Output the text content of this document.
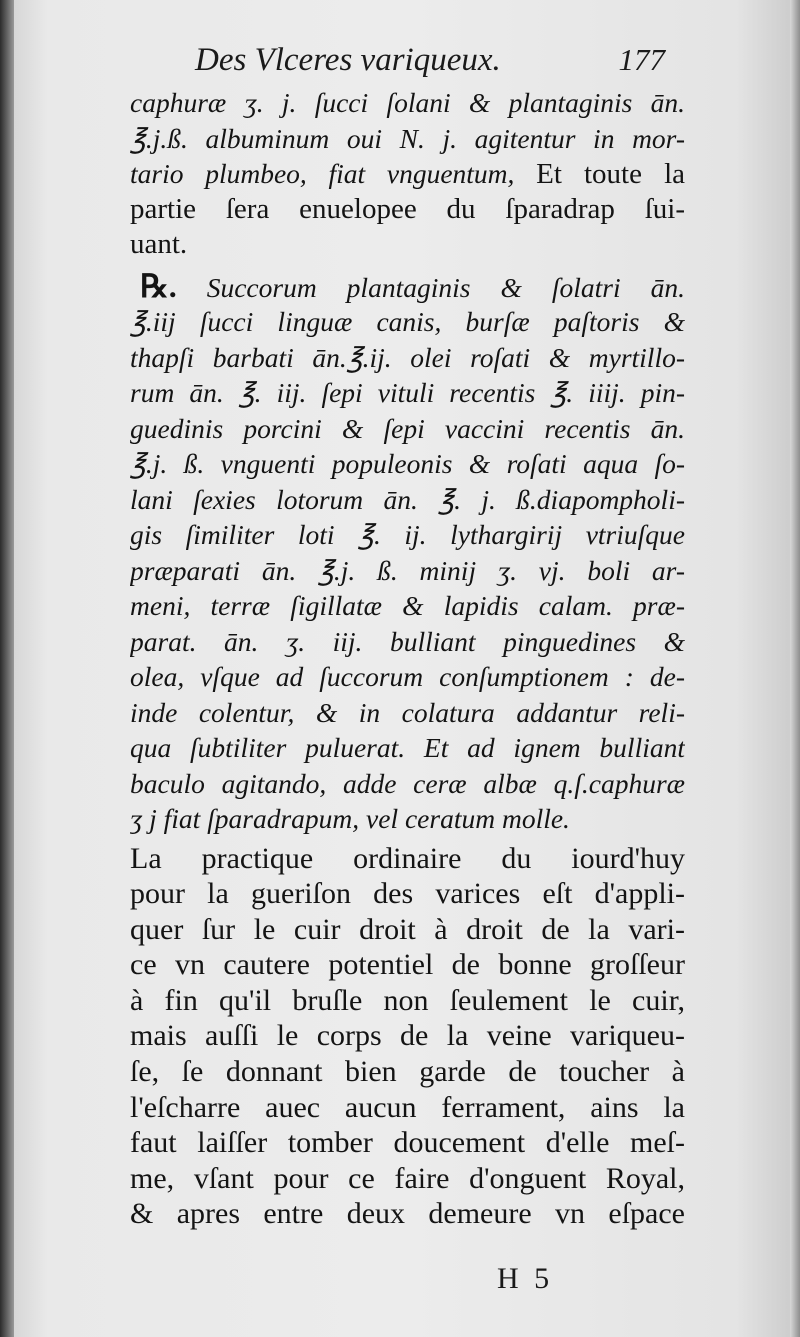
Des Vlceres variqueux.	177
caphuræ ʒ. j. ſucci ſolani & plantaginis ān.
℥.j.ß. albuminum oui N. j. agitentur in mor-
tario plumbeo, fiat vnguentum, Et toute la
partie ſera enuelopee du ſparadrap ſui-
uant.
℞. Succorum plantaginis & ſolatri ān.
℥.iij ſucci linguæ canis, burſæ paſtoris &
thapſi barbati ān.℥.ij. olei roſati & myrtillo-
rum ān. ℥. iij. ſepi vituli recentis ℥. iiij. pin-
guedinis porcini & ſepi vaccini recentis ān.
℥.j. ß. vnguenti populeonis & roſati aqua ſo-
lani ſexies lotorum ān. ℥. j. ß.diapompholi-
gis ſimiliter loti ℥. ij. lythargirij vtriuſque
præparati ān. ℥.j. ß. minij ʒ. vj. boli ar-
meni, terræ ſigillatæ & lapidis calam. præ-
parat. ān. ʒ. iij. bulliant pinguedines &
olea, vſque ad ſuccorum conſumptionem : de-
inde colentur, & in colatura addantur reli-
qua ſubtiliter puluerat. Et ad ignem bulliant
baculo agitando, adde ceræ albæ q.ſ.caphuræ
ʒ j fiat ſparadrapum, vel ceratum molle.
La practique ordinaire du iourd'huy
pour la gueriſon des varices eſt d'appli-
quer ſur le cuir droit à droit de la vari-
ce vn cautere potentiel de bonne groſſeur
à fin qu'il bruſle non ſeulement le cuir,
mais auſſi le corps de la veine variqueu-
ſe, ſe donnant bien garde de toucher à
l'eſcharre auec aucun ferrament, ains la
faut laiſſer tomber doucement d'elle meſ-
me, vſant pour ce faire d'onguent Royal,
& apres entre deux demeure vn eſpace
H 5
